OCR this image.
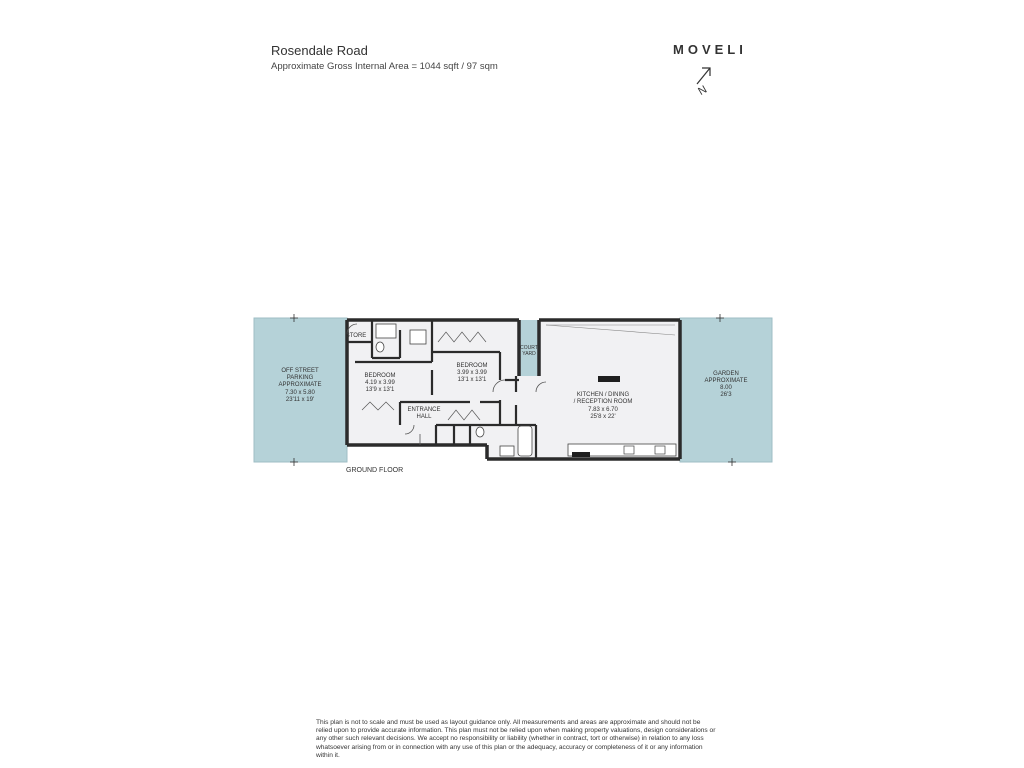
Rosendale Road
Approximate Gross Internal Area = 1044 sqft / 97 sqm
MOVELI
N
OFF STREET
PARKING
APPROXIMATE
7.30 x 5.80
23'11 x 19'
STORE
BEDROOM
4.19 x 3.99
13'9 x 13'1
BEDROOM
3.99 x 3.99
13'1 x 13'1
COURT
YARD
ENTRANCE
HALL
KITCHEN / DINING
/ RECEPTION ROOM
7.83 x 6.70
25'8 x 22'
GARDEN
APPROXIMATE
8.00
26'3
GROUND FLOOR
This plan is not to scale and must be used as layout guidance only. All measurements and areas are approximate and should not be relied upon to provide accurate information. This plan must not be relied upon when making property valuations, design considerations or any other such relevant decisions. We accept no responsibility or liability (whether in contract, tort or otherwise) in relation to any loss whatsoever arising from or in connection with any use of this plan or the adequacy, accuracy or completeness of it or any information within it.
